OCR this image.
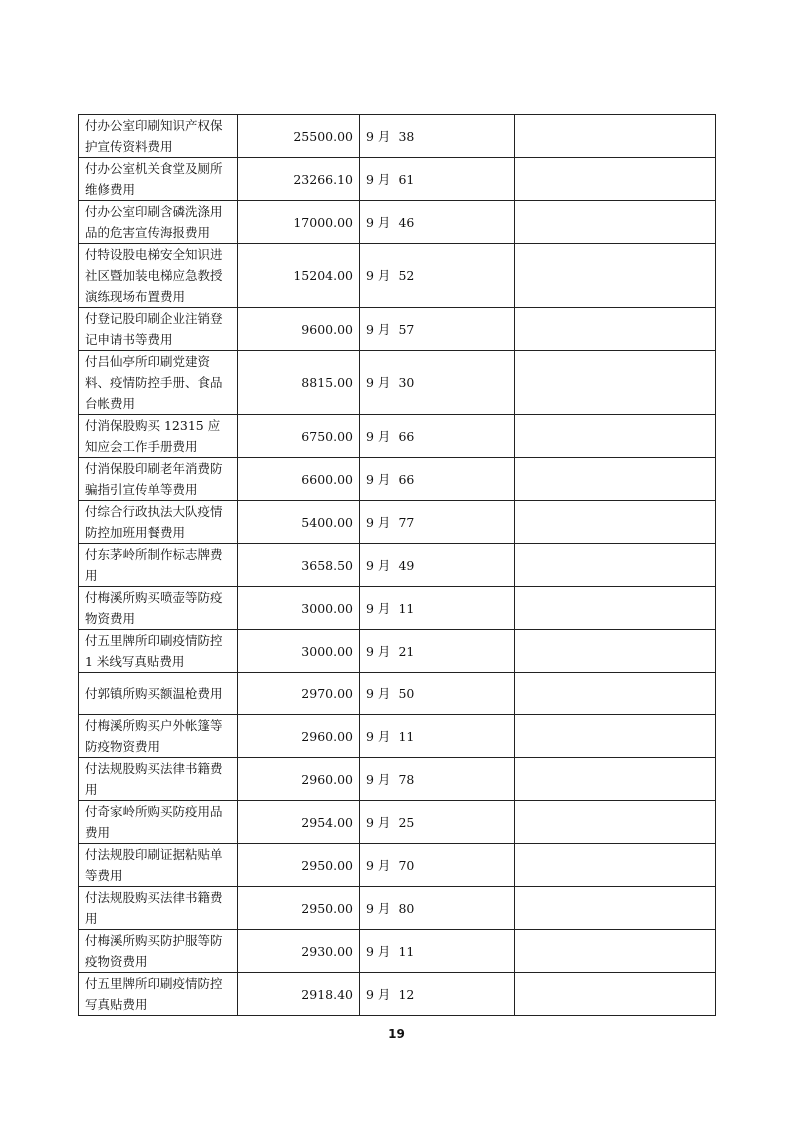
付办公室印刷知识产权保护宣传资料费用	25500.00	9 月 38	
付办公室机关食堂及厕所维修费用	23266.10	9 月 61	
付办公室印刷含磷洗涤用品的危害宣传海报费用	17000.00	9 月 46	
付特设股电梯安全知识进社区暨加装电梯应急教授演练现场布置费用	15204.00	9 月 52	
付登记股印刷企业注销登记申请书等费用	9600.00	9 月 57	
付吕仙亭所印刷党建资料、疫情防控手册、食品台帐费用	8815.00	9 月 30	
付消保股购买 12315 应知应会工作手册费用	6750.00	9 月 66	
付消保股印刷老年消费防骗指引宣传单等费用	6600.00	9 月 66	
付综合行政执法大队疫情防控加班用餐费用	5400.00	9 月 77	
付东茅岭所制作标志牌费用	3658.50	9 月 49	
付梅溪所购买喷壶等防疫物资费用	3000.00	9 月 11	
付五里牌所印刷疫情防控 1 米线写真贴费用	3000.00	9 月 21	
付郭镇所购买额温枪费用	2970.00	9 月 50	
付梅溪所购买户外帐篷等防疫物资费用	2960.00	9 月 11	
付法规股购买法律书籍费用	2960.00	9 月 78	
付奇家岭所购买防疫用品费用	2954.00	9 月 25	
付法规股印刷证据粘贴单等费用	2950.00	9 月 70	
付法规股购买法律书籍费用	2950.00	9 月 80	
付梅溪所购买防护服等防疫物资费用	2930.00	9 月 11	
付五里牌所印刷疫情防控写真贴费用	2918.40	9 月 12	
19
